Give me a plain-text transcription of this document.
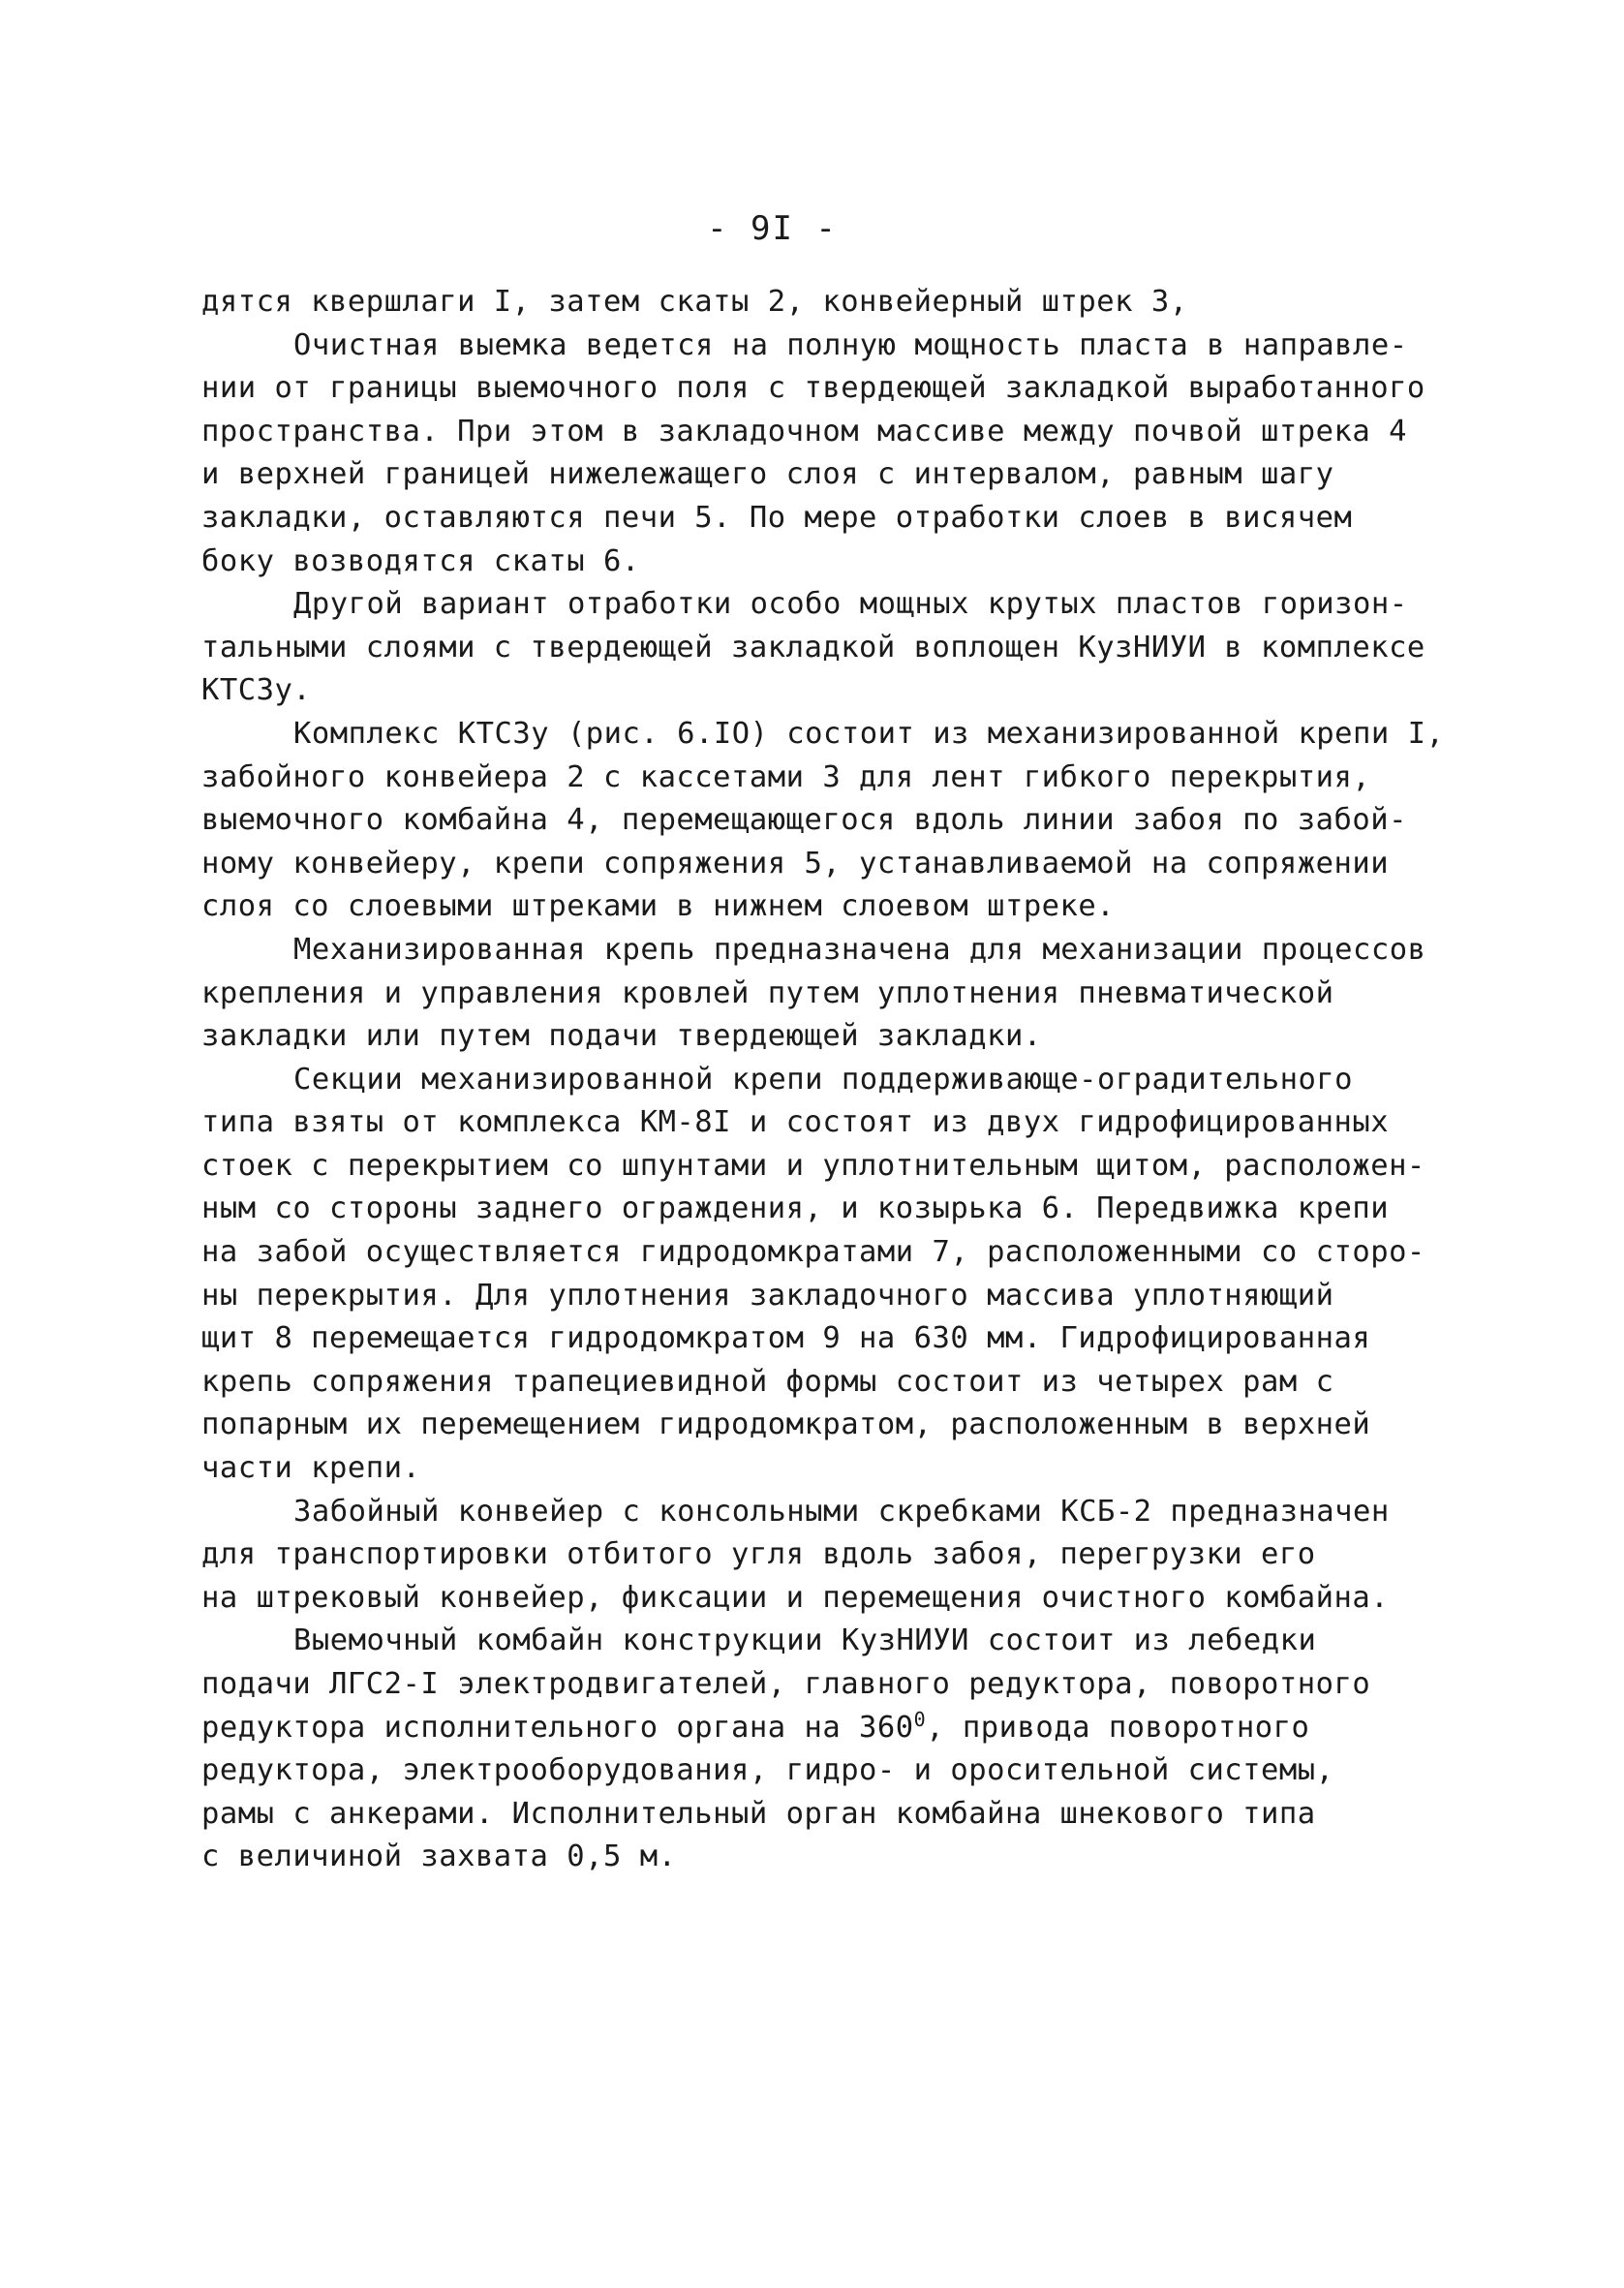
- 9I -
дятся квершлаги I, затем скаты 2, конвейерный штрек 3,
Очистная выемка ведется на полную мощность пласта в направле-
нии от границы выемочного поля с твердеющей закладкой выработанного
пространства. При этом в закладочном массиве между почвой штрека 4
и верхней границей нижележащего слоя с интервалом, равным шагу
закладки, оставляются печи 5. По мере отработки слоев в висячем
боку возводятся скаты 6.
Другой вариант отработки особо мощных крутых пластов горизон-
тальными слоями с твердеющей закладкой воплощен КузНИУИ в комплексе
КТСЗу.
Комплекс КТСЗу (рис. 6.IO) состоит из механизированной крепи I,
забойного конвейера 2 с кассетами 3 для лент гибкого перекрытия,
выемочного комбайна 4, перемещающегося вдоль линии забоя по забой-
ному конвейеру, крепи сопряжения 5, устанавливаемой на сопряжении
слоя со слоевыми штреками в нижнем слоевом штреке.
Механизированная крепь предназначена для механизации процессов
крепления и управления кровлей путем уплотнения пневматической
закладки или путем подачи твердеющей закладки.
Секции механизированной крепи поддерживающе-оградительного
типа взяты от комплекса КМ-8I и состоят из двух гидрофицированных
стоек с перекрытием со шпунтами и уплотнительным щитом, расположен-
ным со стороны заднего ограждения, и козырька 6. Передвижка крепи
на забой осуществляется гидродомкратами 7, расположенными со сторо-
ны перекрытия. Для уплотнения закладочного массива уплотняющий
щит 8 перемещается гидродомкратом 9 на 630 мм. Гидрофицированная
крепь сопряжения трапециевидной формы состоит из четырех рам с
попарным их перемещением гидродомкратом, расположенным в верхней
части крепи.
Забойный конвейер с консольными скребками КСБ-2 предназначен
для транспортировки отбитого угля вдоль забоя, перегрузки его
на штрековый конвейер, фиксации и перемещения очистного комбайна.
Выемочный комбайн конструкции КузНИУИ состоит из лебедки
подачи ЛГС2-I электродвигателей, главного редуктора, поворотного
редуктора исполнительного органа на $360^0$, привода поворотного
редуктора, электрооборудования, гидро- и оросительной системы,
рамы с анкерами. Исполнительный орган комбайна шнекового типа
с величиной захвата 0,5 м.
